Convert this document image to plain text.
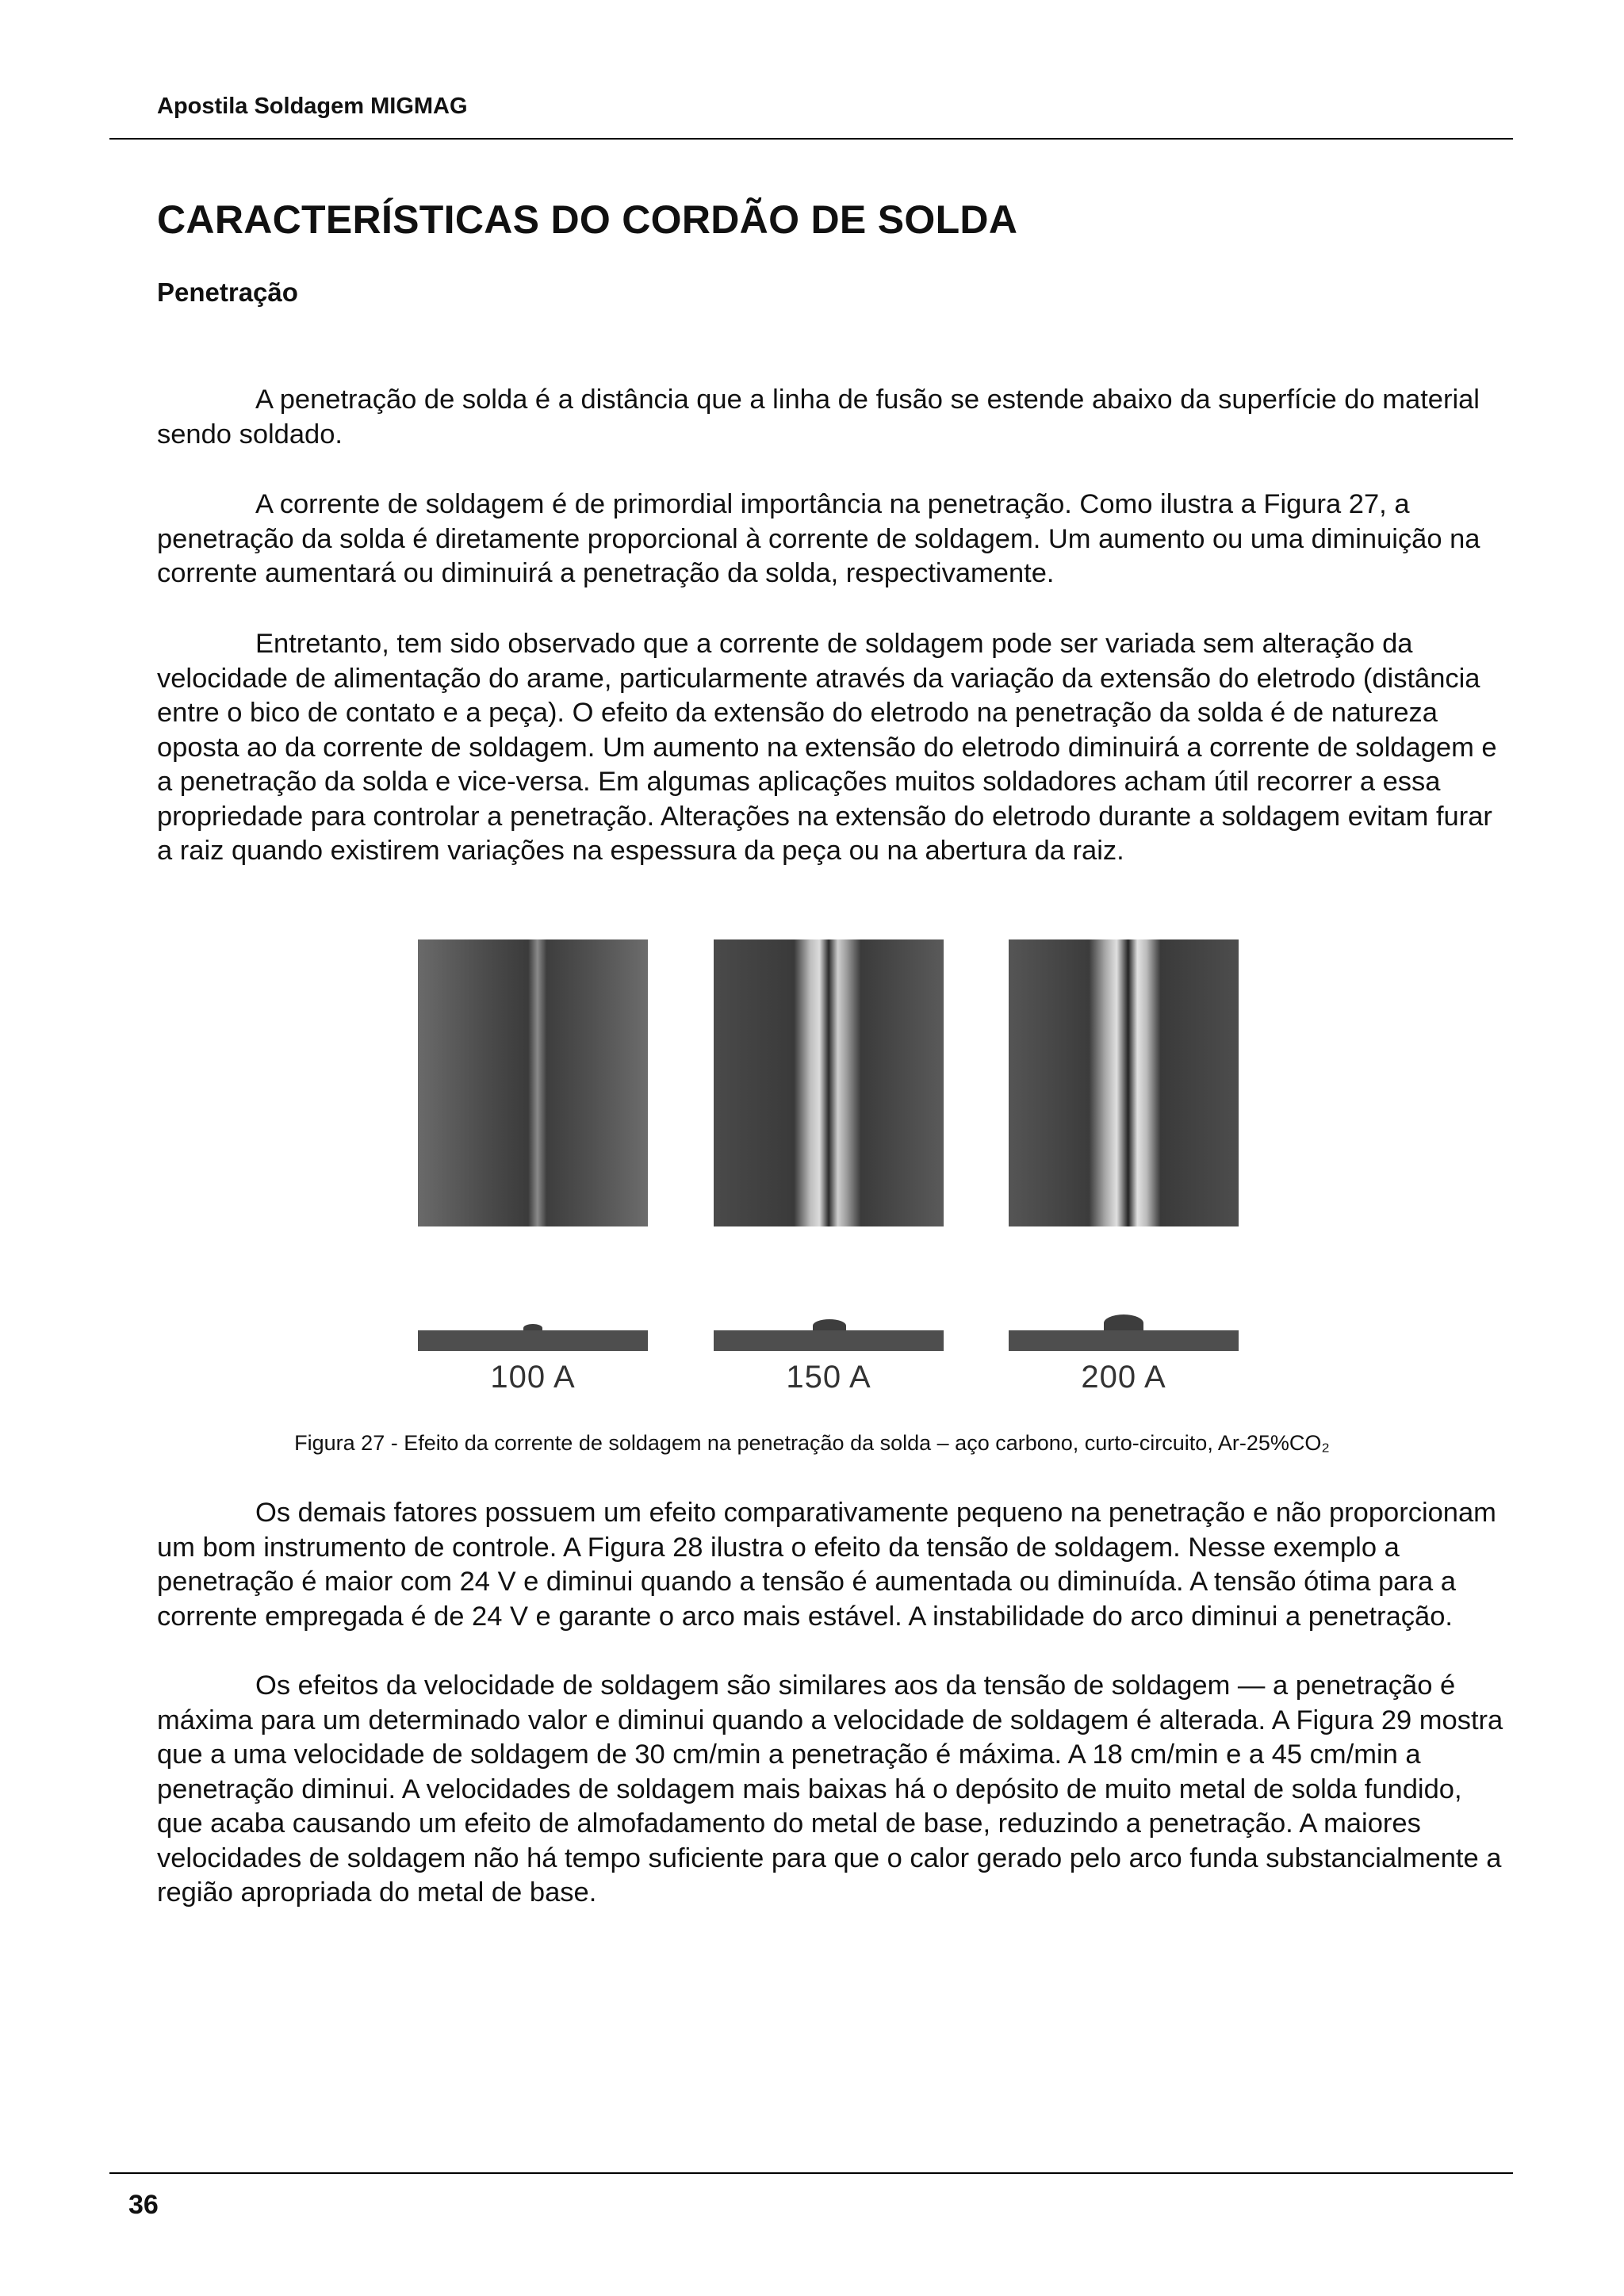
Apostila Soldagem MIGMAG
CARACTERÍSTICAS DO CORDÃO DE SOLDA
Penetração

A penetração de solda é a distância que a linha de fusão se estende abaixo da superfície do material sendo soldado.

A corrente de soldagem é de primordial importância na penetração. Como ilustra a Figura 27, a penetração da solda é diretamente proporcional à corrente de soldagem. Um aumento ou uma diminuição na corrente aumentará ou diminuirá a penetração da solda, respectivamente.

Entretanto, tem sido observado que a corrente de soldagem pode ser variada sem alteração da velocidade de alimentação do arame, particularmente através da variação da extensão do eletrodo (distância entre o bico de contato e a peça). O efeito da extensão do eletrodo na penetração da solda é de natureza oposta ao da corrente de soldagem. Um aumento na extensão do eletrodo diminuirá a corrente de soldagem e a penetração da solda e vice-versa. Em algumas aplicações muitos soldadores acham útil recorrer a essa propriedade para controlar a penetração. Alterações na extensão do eletrodo durante a soldagem evitam furar a raiz quando existirem variações na espessura da peça ou na abertura da raiz.

100 A	150 A	200 A
Figura 27 - Efeito da corrente de soldagem na penetração da solda – aço carbono, curto-circuito, Ar-25%CO₂

Os demais fatores possuem um efeito comparativamente pequeno na penetração e não proporcionam um bom instrumento de controle. A Figura 28 ilustra o efeito da tensão de soldagem. Nesse exemplo a penetração é maior com 24 V e diminui quando a tensão é aumentada ou diminuída. A tensão ótima para a corrente empregada é de 24 V e garante o arco mais estável. A instabilidade do arco diminui a penetração.

Os efeitos da velocidade de soldagem são similares aos da tensão de soldagem — a penetração é máxima para um determinado valor e diminui quando a velocidade de soldagem é alterada. A Figura 29 mostra que a uma velocidade de soldagem de 30 cm/min a penetração é máxima. A 18 cm/min e a 45 cm/min a penetração diminui. A velocidades de soldagem mais baixas há o depósito de muito metal de solda fundido, que acaba causando um efeito de almofadamento do metal de base, reduzindo a penetração. A maiores velocidades de soldagem não há tempo suficiente para que o calor gerado pelo arco funda substancialmente a região apropriada do metal de base.

36
